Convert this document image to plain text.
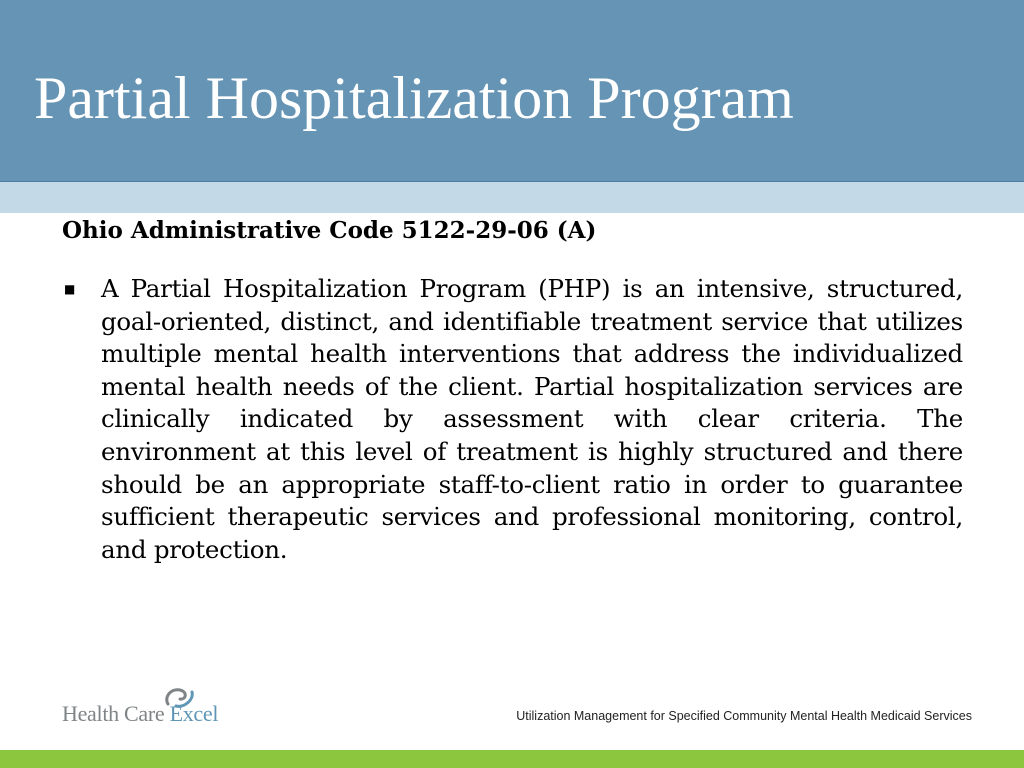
Partial Hospitalization Program
Ohio Administrative Code 5122-29-06 (A)
■ A Partial Hospitalization Program (PHP) is an intensive, structured, goal-oriented, distinct, and identifiable treatment service that utilizes multiple mental health interventions that address the individualized mental health needs of the client. Partial hospitalization services are clinically indicated by assessment with clear criteria. The environment at this level of treatment is highly structured and there should be an appropriate staff-to-client ratio in order to guarantee sufficient therapeutic services and professional monitoring, control, and protection.

Health Care Excel	Utilization Management for Specified Community Mental Health Medicaid Services
